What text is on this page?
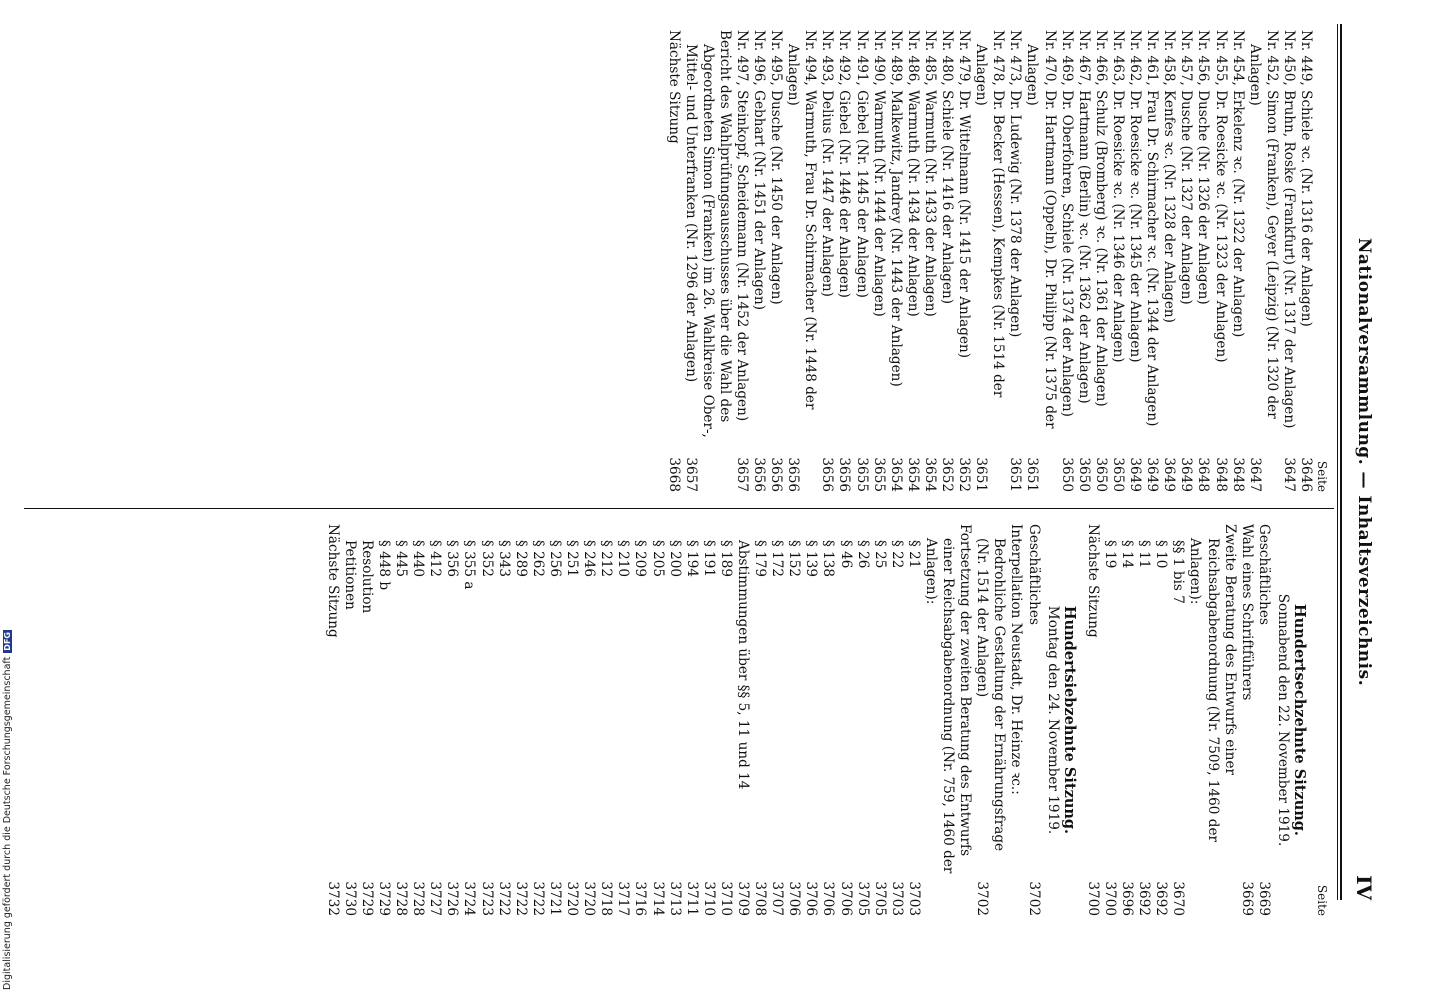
Nationalversammlung. — Inhaltsverzeichnis.
IV
Seite
Nr. 449, Schiele ꝛc. (Nr. 1316 der Anlagen)
3646
Nr. 450, Bruhn, Roske (Frankfurt) (Nr. 1317 der Anlagen)
3647
Nr. 452, Simon (Franken), Geyer (Leipzig) (Nr. 1320 der Anlagen)
3647
Nr. 454, Erkelenz ꝛc. (Nr. 1322 der Anlagen)
3648
Nr. 455, Dr. Roesicke ꝛc. (Nr. 1323 der Anlagen)
3648
Nr. 456, Dusche (Nr. 1326 der Anlagen)
3648
Nr. 457, Dusche (Nr. 1327 der Anlagen)
3649
Nr. 458, Kenfes ꝛc. (Nr. 1328 der Anlagen)
3649
Nr. 461, Frau Dr. Schirmacher ꝛc. (Nr. 1344 der Anlagen)
3649
Nr. 462, Dr. Roesicke ꝛc. (Nr. 1345 der Anlagen)
3649
Nr. 463, Dr. Roesicke ꝛc. (Nr. 1346 der Anlagen)
3650
Nr. 466, Schulz (Bromberg) ꝛc. (Nr. 1361 der Anlagen)
3650
Nr. 467, Hartmann (Berlin) ꝛc. (Nr. 1362 der Anlagen)
3650
Nr. 469, Dr. Oberfohren, Schiele (Nr. 1374 der Anlagen)
3650
Nr. 470, Dr. Hartmann (Oppeln), Dr. Philipp (Nr. 1375 der Anlagen)
3651
Nr. 473, Dr. Ludewig (Nr. 1378 der Anlagen)
3651
Nr. 478, Dr. Becker (Hessen), Kempkes (Nr. 1514 der Anlagen)
3651
Nr. 479, Dr. Wittelmann (Nr. 1415 der Anlagen)
3652
Nr. 480, Schiele (Nr. 1416 der Anlagen)
3652
Nr. 485, Warmuth (Nr. 1433 der Anlagen)
3654
Nr. 486, Warmuth (Nr. 1434 der Anlagen)
3654
Nr. 489, Malkewitz, Jandrey (Nr. 1443 der Anlagen)
3654
Nr. 490, Warmuth (Nr. 1444 der Anlagen)
3655
Nr. 491, Giebel (Nr. 1445 der Anlagen)
3655
Nr. 492, Giebel (Nr. 1446 der Anlagen)
3656
Nr. 493, Delius (Nr. 1447 der Anlagen)
3656
Nr. 494, Warmuth, Frau Dr. Schirmacher (Nr. 1448 der Anlagen)
3656
Nr. 495, Dusche (Nr. 1450 der Anlagen)
3656
Nr. 496, Gebhart (Nr. 1451 der Anlagen)
3656
Nr. 497, Steinkopf, Scheidemann (Nr. 1452 der Anlagen)
3657
Bericht des Wahlprüfungsausschusses über die Wahl des Abgeordneten Simon (Franken) im 26. Wahlkreise Ober-, Mittel- und Unterfranken (Nr. 1296 der Anlagen)
3657
Nächste Sitzung
3668
Seite
Hundertsechzehnte Sitzung.
Sonnabend den 22. November 1919.
Geschäftliches
3669
Wahl eines Schriftführers
3669
Zweite Beratung des Entwurfs einer Reichsabgabenordnung (Nr. 7509, 1460 der Anlagen):
§§ 1 bis 7
3670
§ 10
3692
§ 11
3692
§ 14
3696
§ 19
3700
Nächste Sitzung
3700
Hundertsiebzehnte Sitzung.
Montag den 24. November 1919.
Geschäftliches
3702
Interpellation Neustadt, Dr. Heinze ꝛc.: Bedrohliche Gestaltung der Ernährungsfrage (Nr. 1514 der Anlagen)
3702
Fortsetzung der zweiten Beratung des Entwurfs einer Reichsabgabenordnung (Nr. 759, 1460 der Anlagen):
§ 21
3703
§ 22
3703
§ 25
3705
§ 26
3705
§ 46
3706
§ 138
3706
§ 139
3706
§ 152
3706
§ 172
3707
§ 179
3708
Abstimmungen über §§ 5, 11 und 14
3709
§ 189
3710
§ 191
3710
§ 194
3711
§ 200
3713
§ 205
3714
§ 209
3716
§ 210
3717
§ 212
3718
§ 246
3720
§ 251
3720
§ 256
3721
§ 262
3722
§ 289
3722
§ 343
3722
§ 352
3723
§ 355 a
3724
§ 356
3726
§ 412
3727
§ 440
3728
§ 445
3728
§ 448 b
3729
Resolution
3729
Petitionen
3730
Nächste Sitzung
3732
Digitalisierung gefördert durch die Deutsche Forschungsgemeinschaft
DFG
